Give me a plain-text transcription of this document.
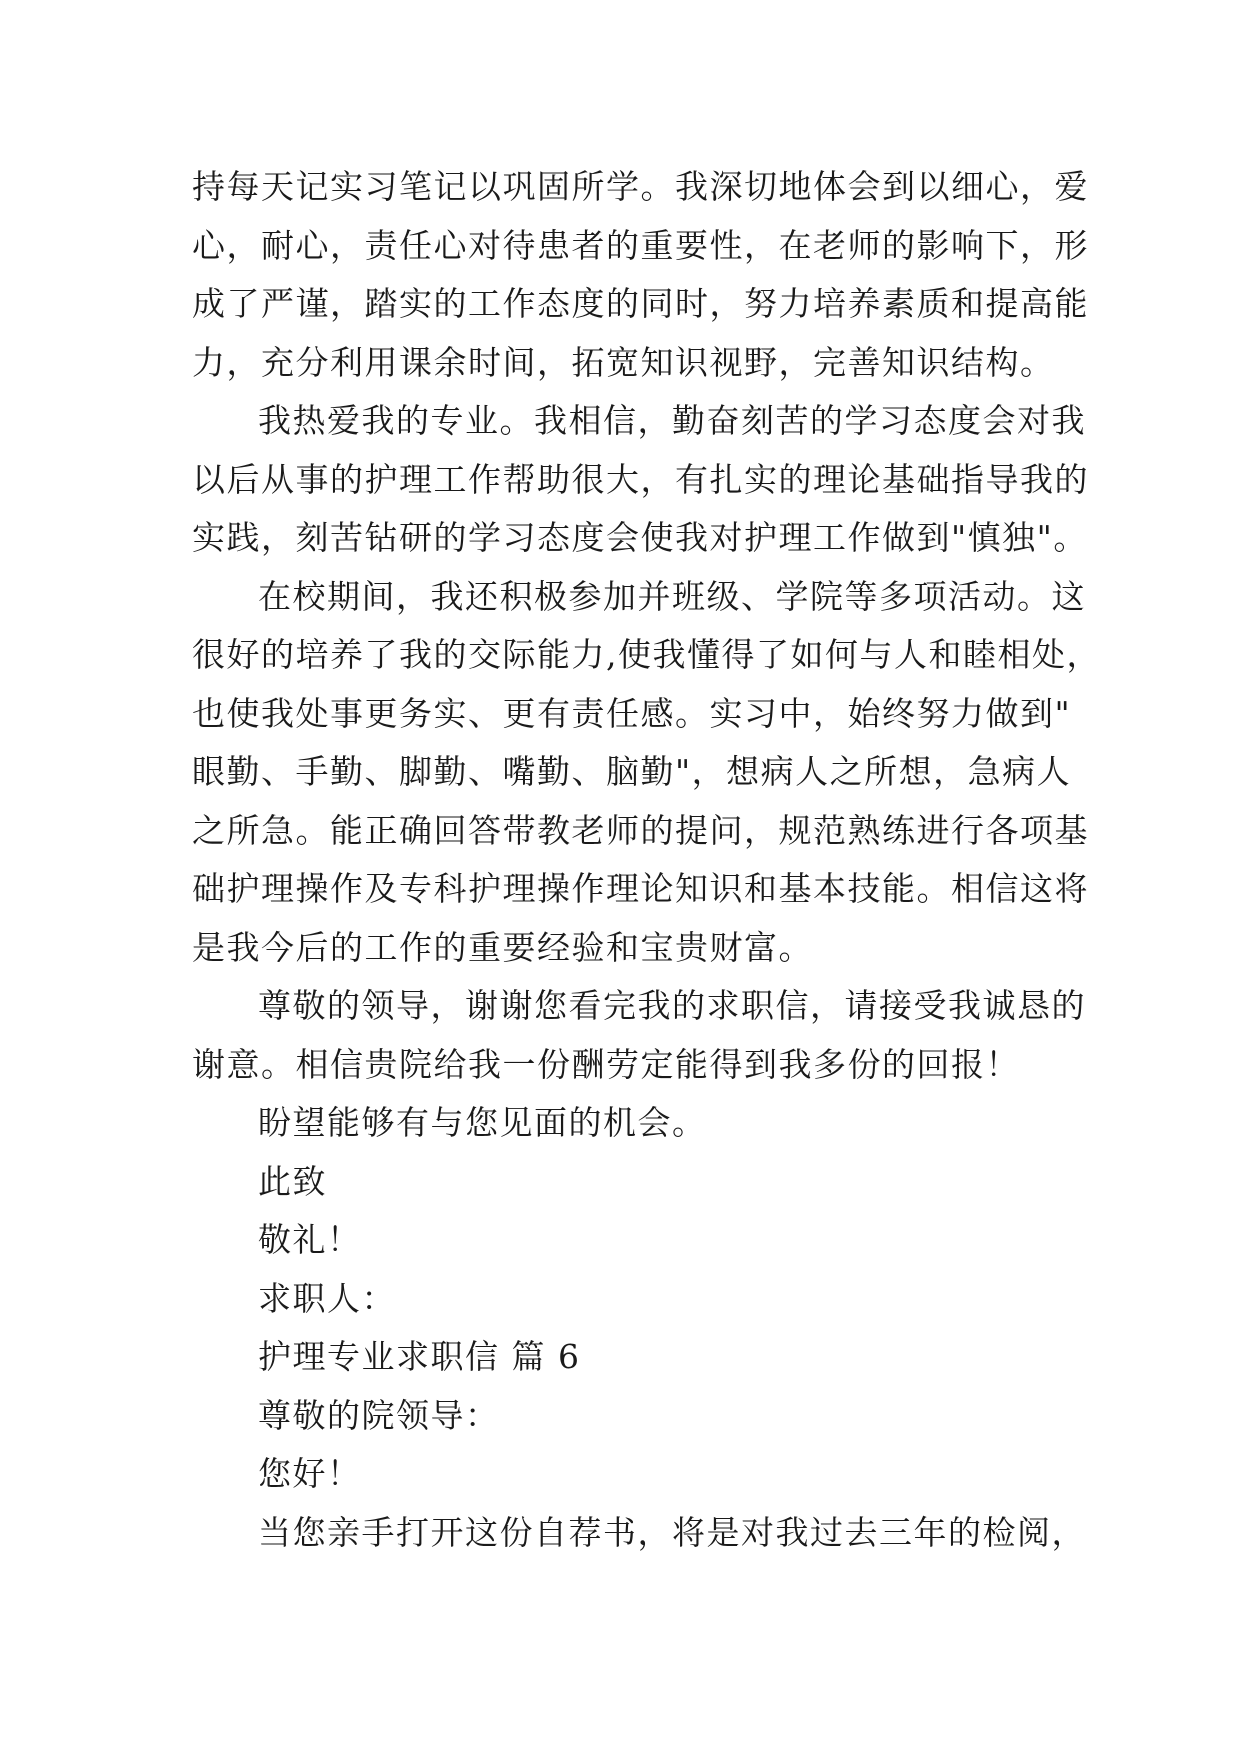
持每天记实习笔记以巩固所学。我深切地体会到以细心，爱
心，耐心，责任心对待患者的重要性，在老师的影响下，形
成了严谨，踏实的工作态度的同时，努力培养素质和提高能
力，充分利用课余时间，拓宽知识视野，完善知识结构。
我热爱我的专业。我相信，勤奋刻苦的学习态度会对我
以后从事的护理工作帮助很大，有扎实的理论基础指导我的
实践，刻苦钻研的学习态度会使我对护理工作做到"慎独"。
在校期间，我还积极参加并班级、学院等多项活动。这
很好的培养了我的交际能力,使我懂得了如何与人和睦相处，
也使我处事更务实、更有责任感。实习中，始终努力做到"
眼勤、手勤、脚勤、嘴勤、脑勤"，想病人之所想，急病人
之所急。能正确回答带教老师的提问，规范熟练进行各项基
础护理操作及专科护理操作理论知识和基本技能。相信这将
是我今后的工作的重要经验和宝贵财富。
尊敬的领导，谢谢您看完我的求职信，请接受我诚恳的
谢意。相信贵院给我一份酬劳定能得到我多份的回报！
盼望能够有与您见面的机会。
此致
敬礼！
求职人：
护理专业求职信 篇 6
尊敬的院领导：
您好！
当您亲手打开这份自荐书，将是对我过去三年的检阅，
